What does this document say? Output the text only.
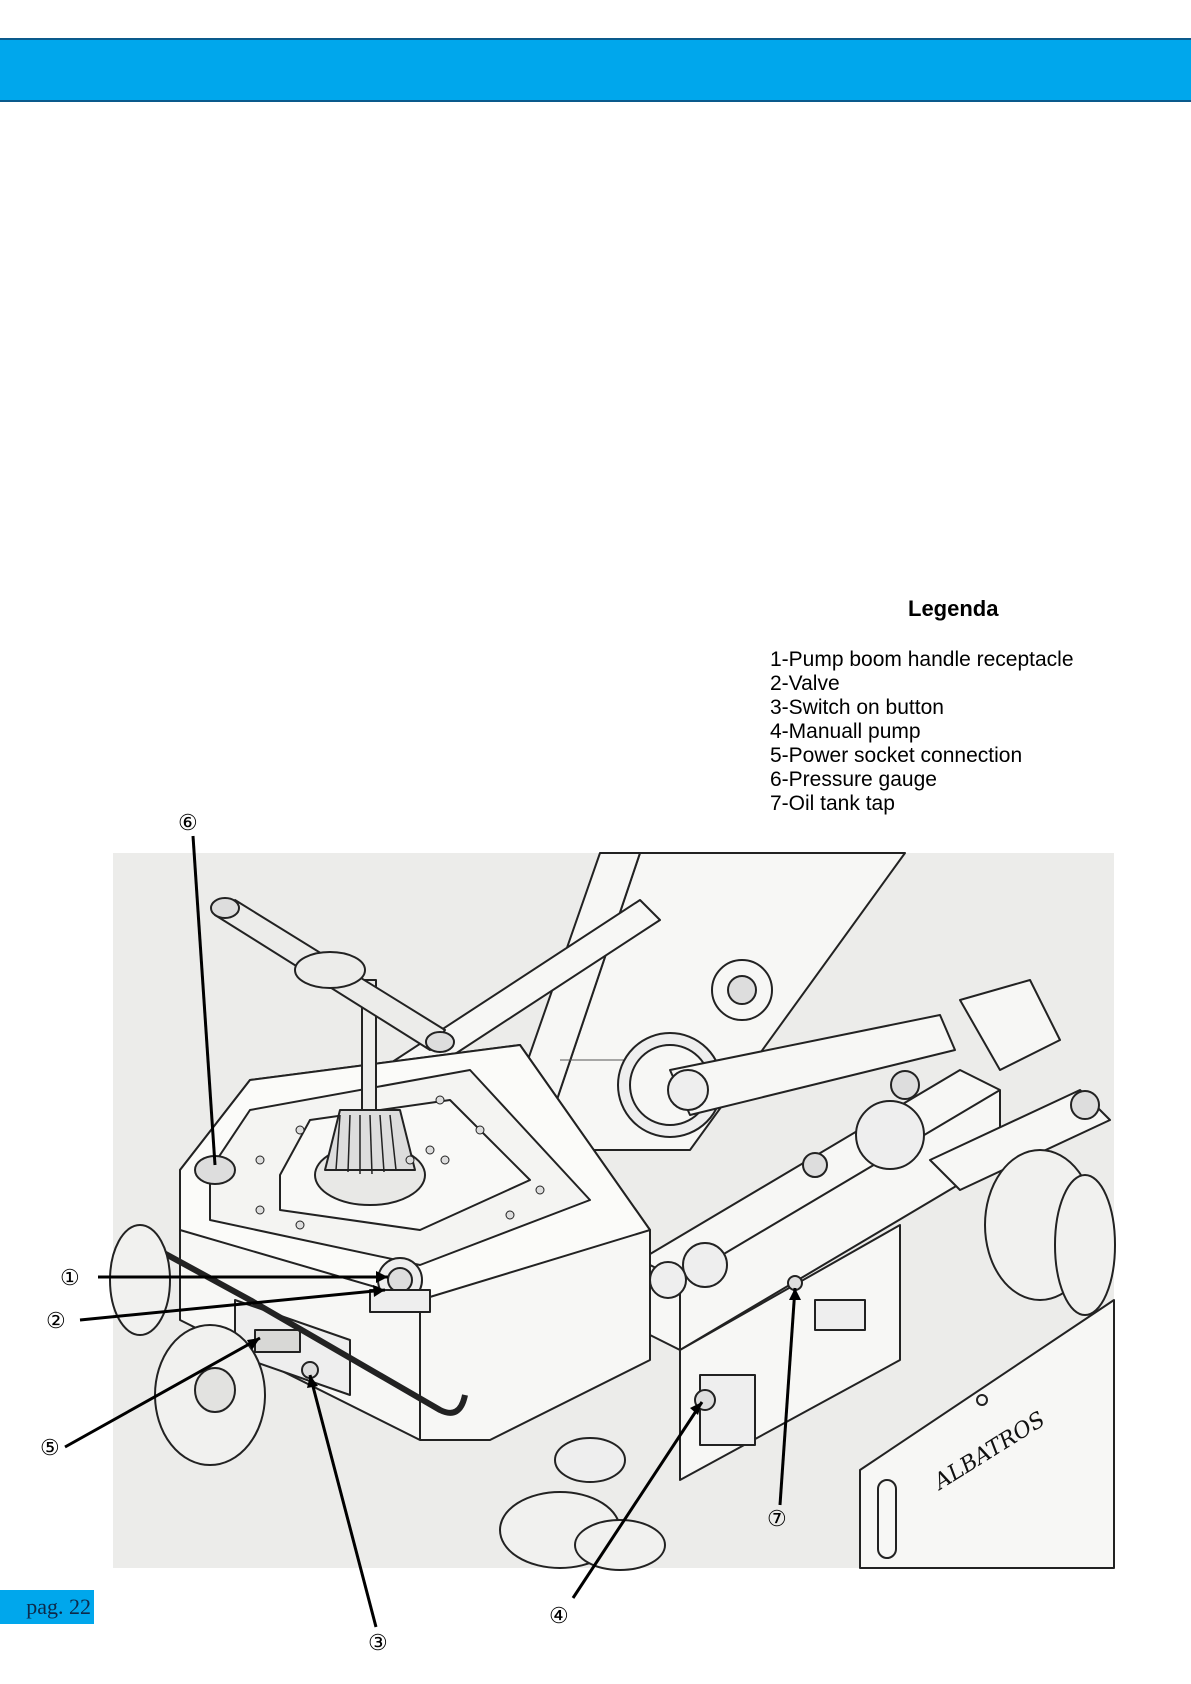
Legenda
1-Pump boom handle receptacle
2-Valve
3-Switch on button
4-Manuall pump
5-Power socket connection
6-Pressure gauge
7-Oil tank tap
ALBATROS
⑥
①
②
⑤
③
④
⑦
pag. 22
